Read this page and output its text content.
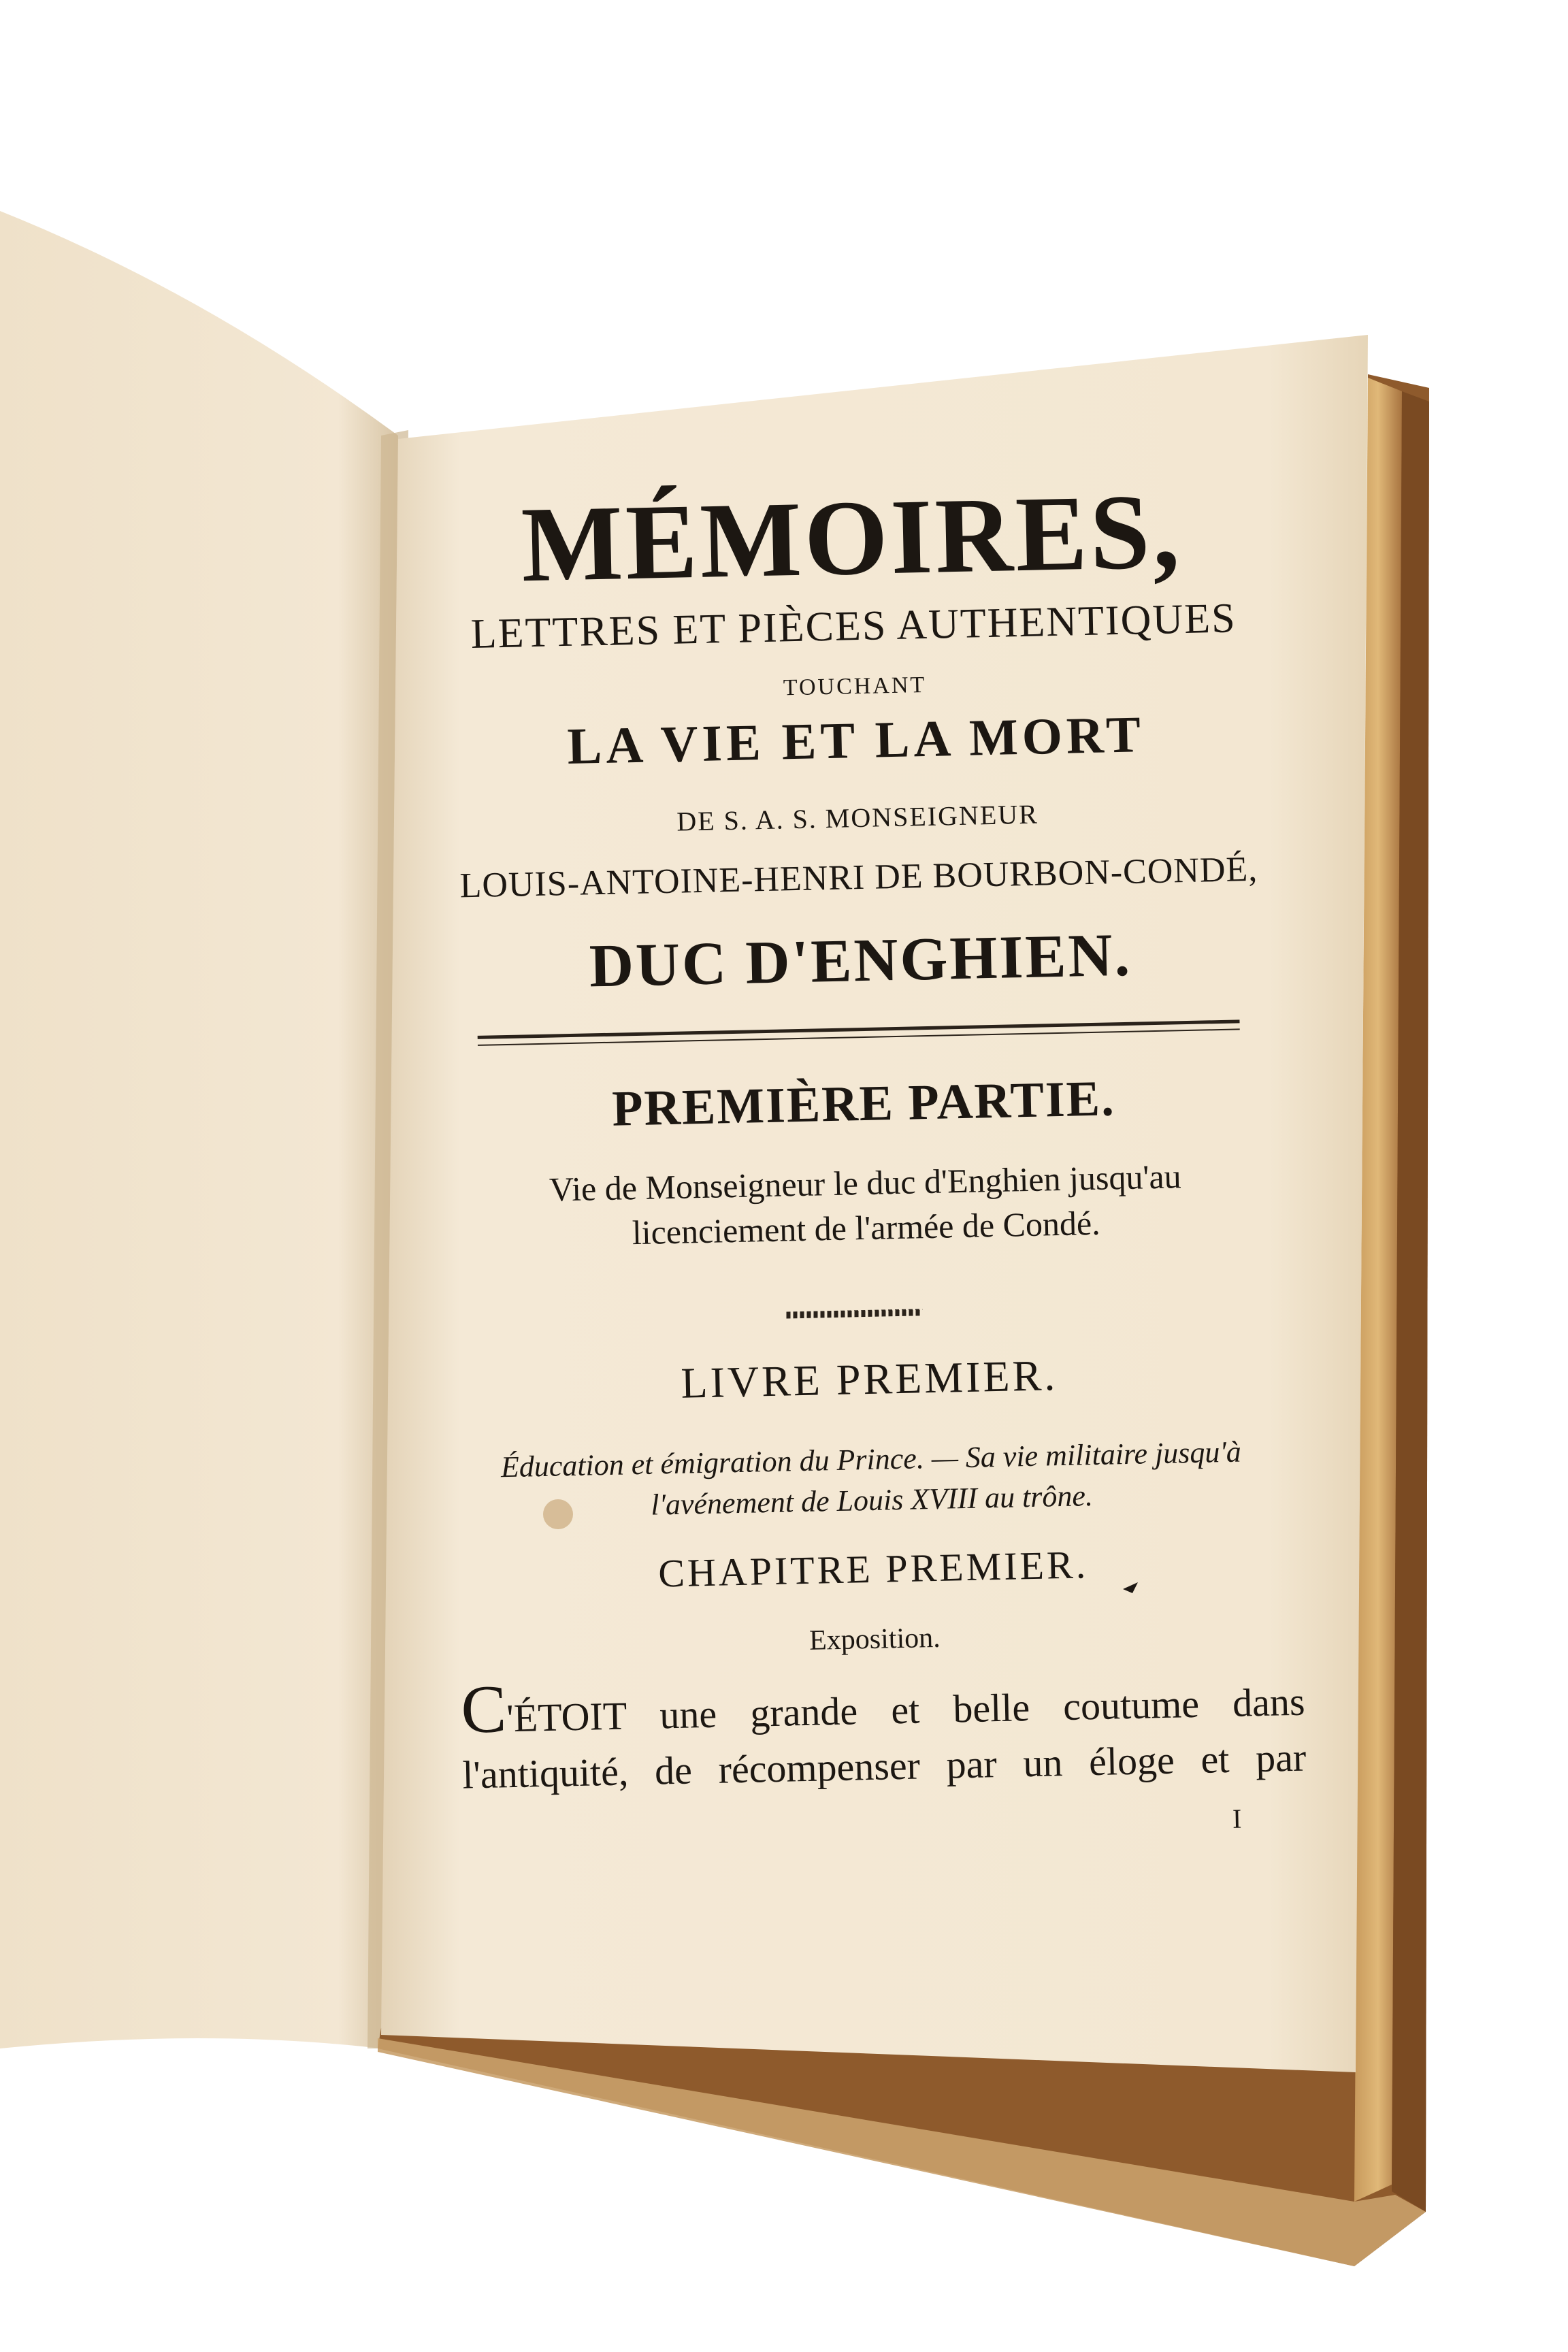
MÉMOIRES,
LETTRES ET PIÈCES AUTHENTIQUES
TOUCHANT
LA VIE ET LA MORT
DE S. A. S. MONSEIGNEUR
LOUIS-ANTOINE-HENRI DE BOURBON-CONDÉ,
DUC D'ENGHIEN.
PREMIÈRE PARTIE.
Vie de Monseigneur le duc d'Enghien jusqu'au licenciement de l'armée de Condé.
LIVRE PREMIER.
Éducation et émigration du Prince. — Sa vie militaire jusqu'à l'avénement de Louis XVIII au trône.
CHAPITRE PREMIER.
Exposition.
C'ÉTOIT une grande et belle coutume dans l'antiquité, de récompenser par un éloge et par
I
